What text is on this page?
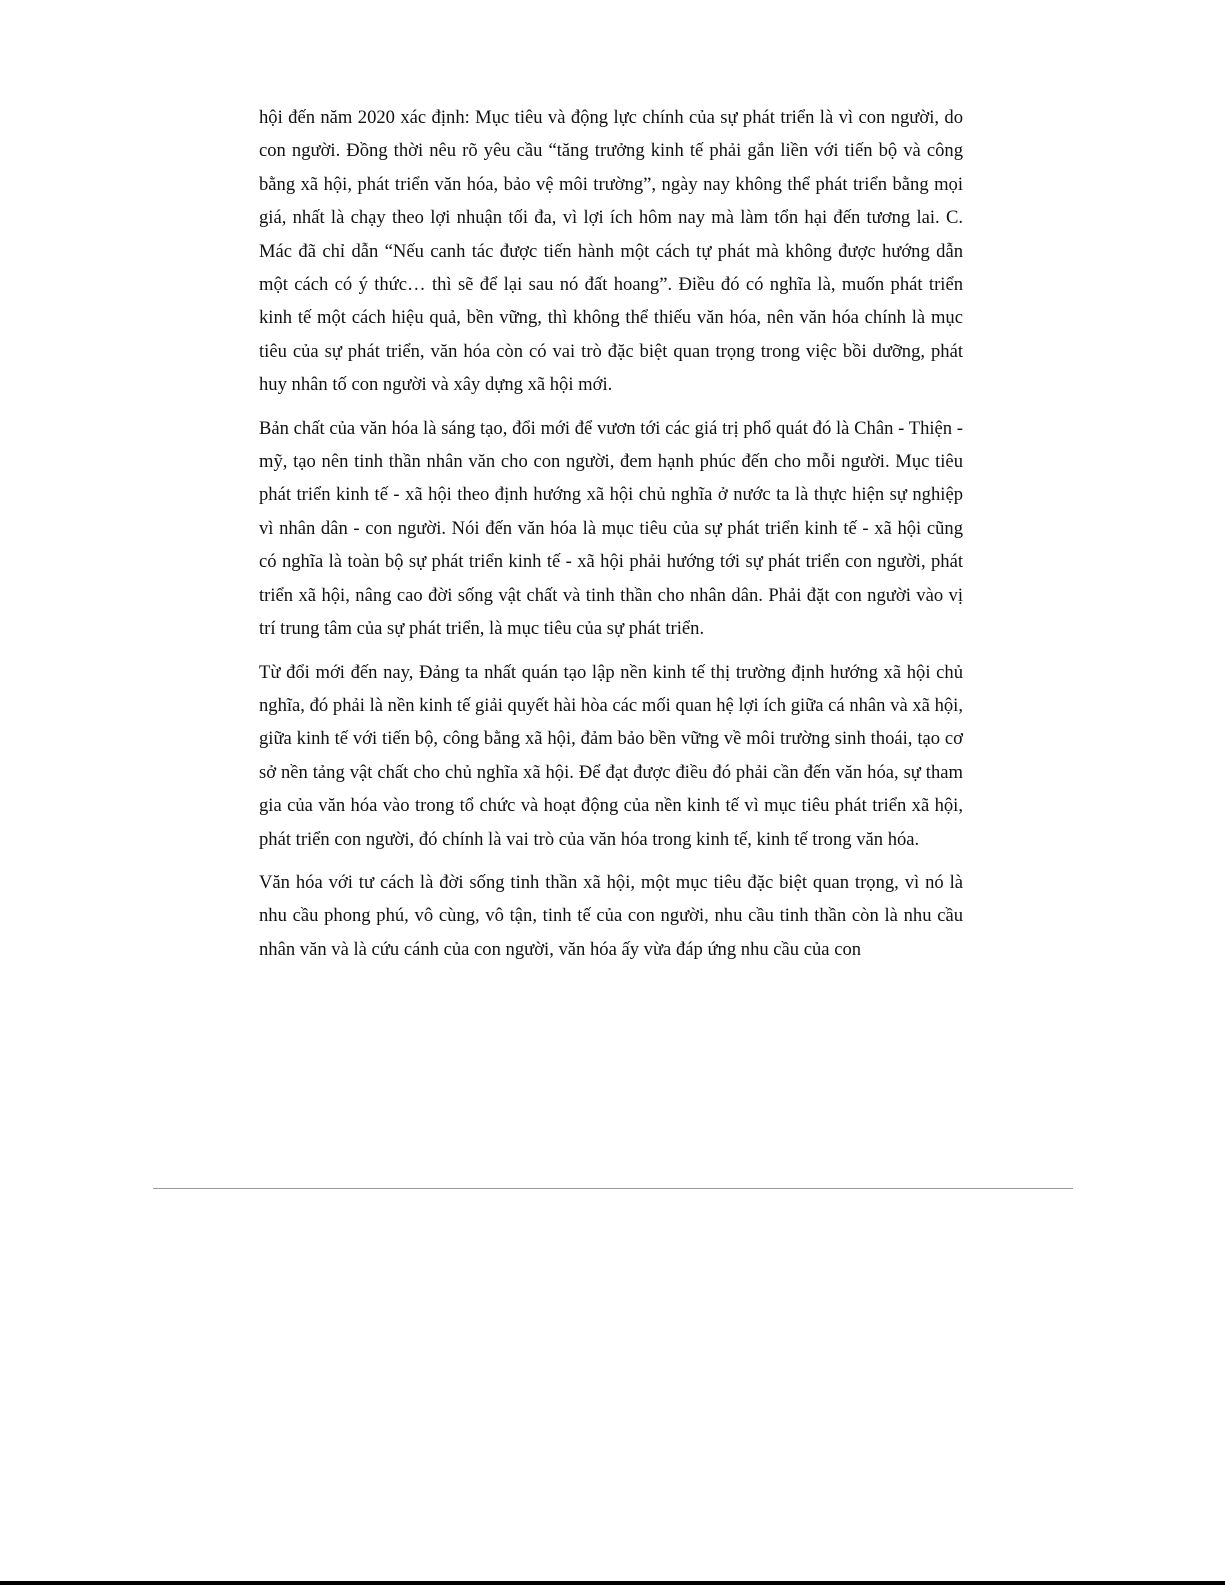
hội đến năm 2020 xác định: Mục tiêu và động lực chính của sự phát triển là vì con người, do con người. Đồng thời nêu rõ yêu cầu “tăng trưởng kinh tế phải gắn liền với tiến bộ và công bằng xã hội, phát triển văn hóa, bảo vệ môi trường”, ngày nay không thể phát triển bằng mọi giá, nhất là chạy theo lợi nhuận tối đa, vì lợi ích hôm nay mà làm tổn hại đến tương lai. C. Mác đã chỉ dẫn “Nếu canh tác được tiến hành một cách tự phát mà không được hướng dẫn một cách có ý thức… thì sẽ để lại sau nó đất hoang”. Điều đó có nghĩa là, muốn phát triển kinh tế một cách hiệu quả, bền vững, thì không thể thiếu văn hóa, nên văn hóa chính là mục tiêu của sự phát triển, văn hóa còn có vai trò đặc biệt quan trọng trong việc bồi dưỡng, phát huy nhân tố con người và xây dựng xã hội mới.

Bản chất của văn hóa là sáng tạo, đổi mới để vươn tới các giá trị phổ quát đó là Chân - Thiện - mỹ, tạo nên tinh thần nhân văn cho con người, đem hạnh phúc đến cho mỗi người. Mục tiêu phát triển kinh tế - xã hội theo định hướng xã hội chủ nghĩa ở nước ta là thực hiện sự nghiệp vì nhân dân - con người. Nói đến văn hóa là mục tiêu của sự phát triển kinh tế - xã hội cũng có nghĩa là toàn bộ sự phát triển kinh tế - xã hội phải hướng tới sự phát triển con người, phát triển xã hội, nâng cao đời sống vật chất và tinh thần cho nhân dân. Phải đặt con người vào vị trí trung tâm của sự phát triển, là mục tiêu của sự phát triển.

Từ đổi mới đến nay, Đảng ta nhất quán tạo lập nền kinh tế thị trường định hướng xã hội chủ nghĩa, đó phải là nền kinh tế giải quyết hài hòa các mối quan hệ lợi ích giữa cá nhân và xã hội, giữa kinh tế với tiến bộ, công bằng xã hội, đảm bảo bền vững về môi trường sinh thoái, tạo cơ sở nền tảng vật chất cho chủ nghĩa xã hội. Để đạt được điều đó phải cần đến văn hóa, sự tham gia của văn hóa vào trong tổ chức và hoạt động của nền kinh tế vì mục tiêu phát triển xã hội, phát triển con người, đó chính là vai trò của văn hóa trong kinh tế, kinh tế trong văn hóa.

Văn hóa với tư cách là đời sống tinh thần xã hội, một mục tiêu đặc biệt quan trọng, vì nó là nhu cầu phong phú, vô cùng, vô tận, tinh tế của con người, nhu cầu tinh thần còn là nhu cầu nhân văn và là cứu cánh của con người, văn hóa ấy vừa đáp ứng nhu cầu của con
